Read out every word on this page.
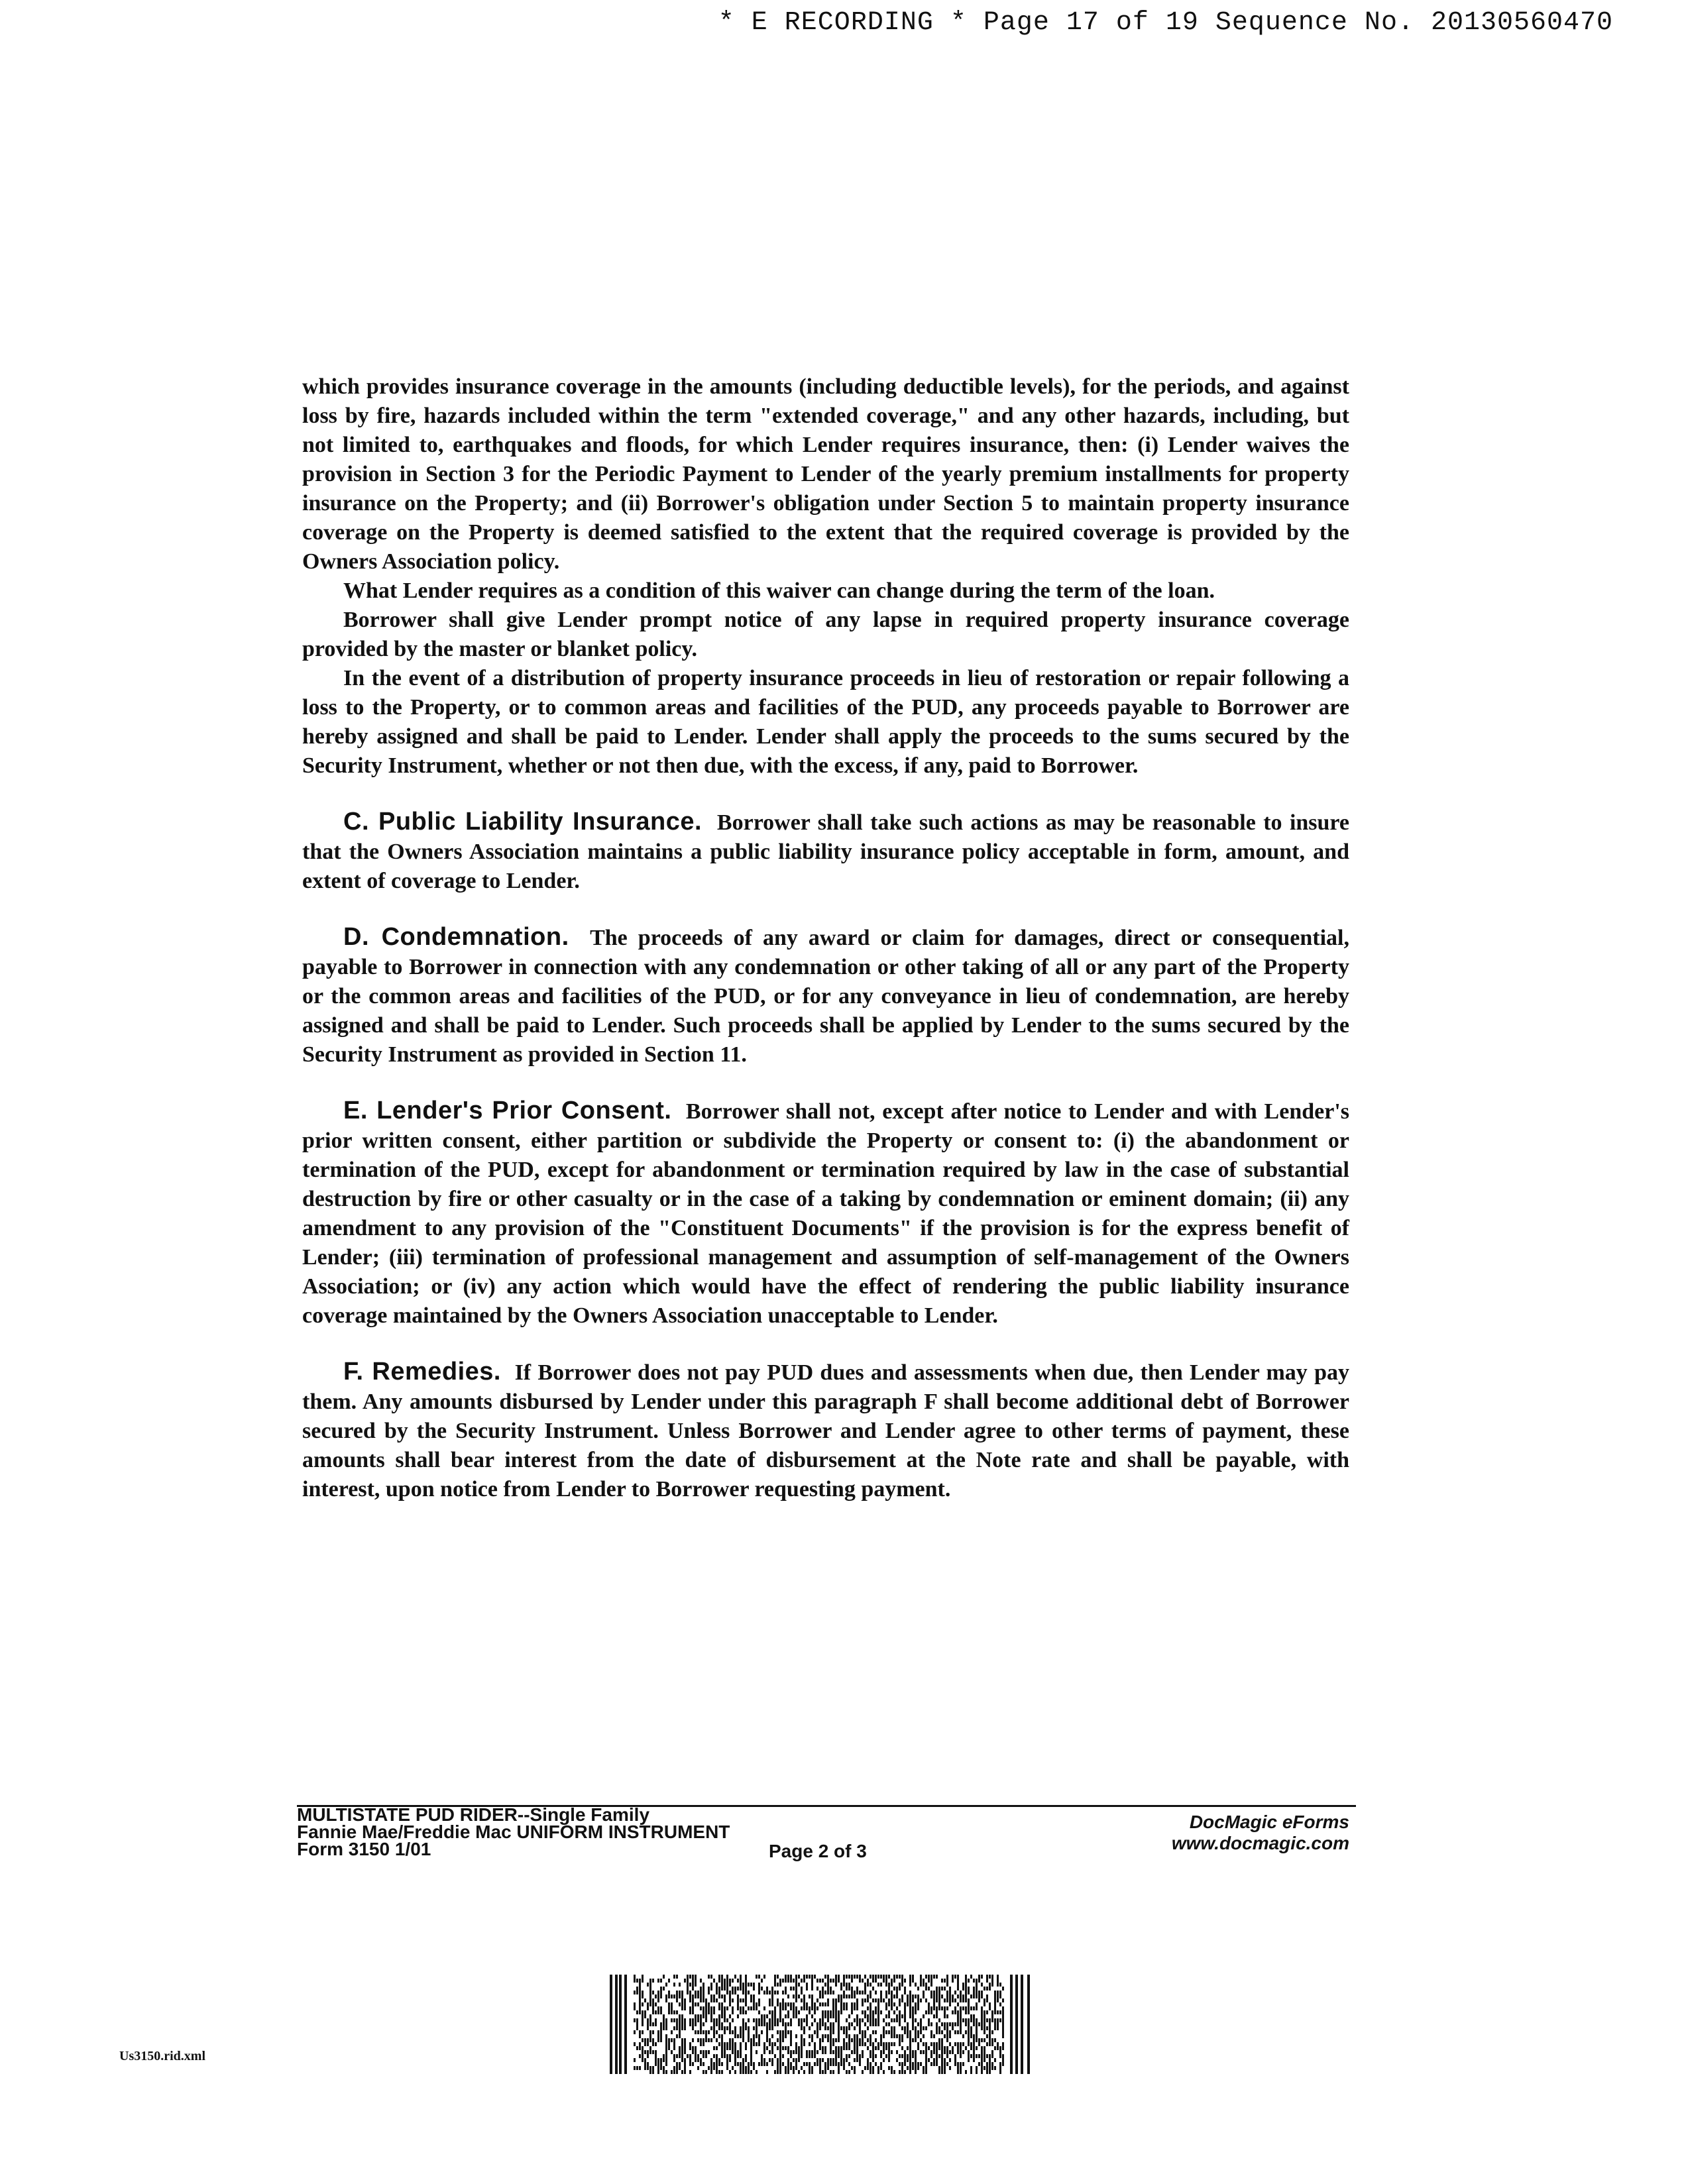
* E RECORDING * Page 17 of 19 Sequence No. 20130560470

which provides insurance coverage in the amounts (including deductible levels), for the periods, and against loss by fire, hazards included within the term "extended coverage," and any other hazards, including, but not limited to, earthquakes and floods, for which Lender requires insurance, then: (i) Lender waives the provision in Section 3 for the Periodic Payment to Lender of the yearly premium installments for property insurance on the Property; and (ii) Borrower's obligation under Section 5 to maintain property insurance coverage on the Property is deemed satisfied to the extent that the required coverage is provided by the Owners Association policy.

What Lender requires as a condition of this waiver can change during the term of the loan.

Borrower shall give Lender prompt notice of any lapse in required property insurance coverage provided by the master or blanket policy.

In the event of a distribution of property insurance proceeds in lieu of restoration or repair following a loss to the Property, or to common areas and facilities of the PUD, any proceeds payable to Borrower are hereby assigned and shall be paid to Lender. Lender shall apply the proceeds to the sums secured by the Security Instrument, whether or not then due, with the excess, if any, paid to Borrower.

C. Public Liability Insurance. Borrower shall take such actions as may be reasonable to insure that the Owners Association maintains a public liability insurance policy acceptable in form, amount, and extent of coverage to Lender.

D. Condemnation. The proceeds of any award or claim for damages, direct or consequential, payable to Borrower in connection with any condemnation or other taking of all or any part of the Property or the common areas and facilities of the PUD, or for any conveyance in lieu of condemnation, are hereby assigned and shall be paid to Lender. Such proceeds shall be applied by Lender to the sums secured by the Security Instrument as provided in Section 11.

E. Lender's Prior Consent. Borrower shall not, except after notice to Lender and with Lender's prior written consent, either partition or subdivide the Property or consent to: (i) the abandonment or termination of the PUD, except for abandonment or termination required by law in the case of substantial destruction by fire or other casualty or in the case of a taking by condemnation or eminent domain; (ii) any amendment to any provision of the "Constituent Documents" if the provision is for the express benefit of Lender; (iii) termination of professional management and assumption of self-management of the Owners Association; or (iv) any action which would have the effect of rendering the public liability insurance coverage maintained by the Owners Association unacceptable to Lender.

F. Remedies. If Borrower does not pay PUD dues and assessments when due, then Lender may pay them. Any amounts disbursed by Lender under this paragraph F shall become additional debt of Borrower secured by the Security Instrument. Unless Borrower and Lender agree to other terms of payment, these amounts shall bear interest from the date of disbursement at the Note rate and shall be payable, with interest, upon notice from Lender to Borrower requesting payment.

MULTISTATE PUD RIDER--Single Family
Fannie Mae/Freddie Mac UNIFORM INSTRUMENT
Form 3150 1/01	Page 2 of 3
DocMagic eForms
www.docmagic.com
Us3150.rid.xml
